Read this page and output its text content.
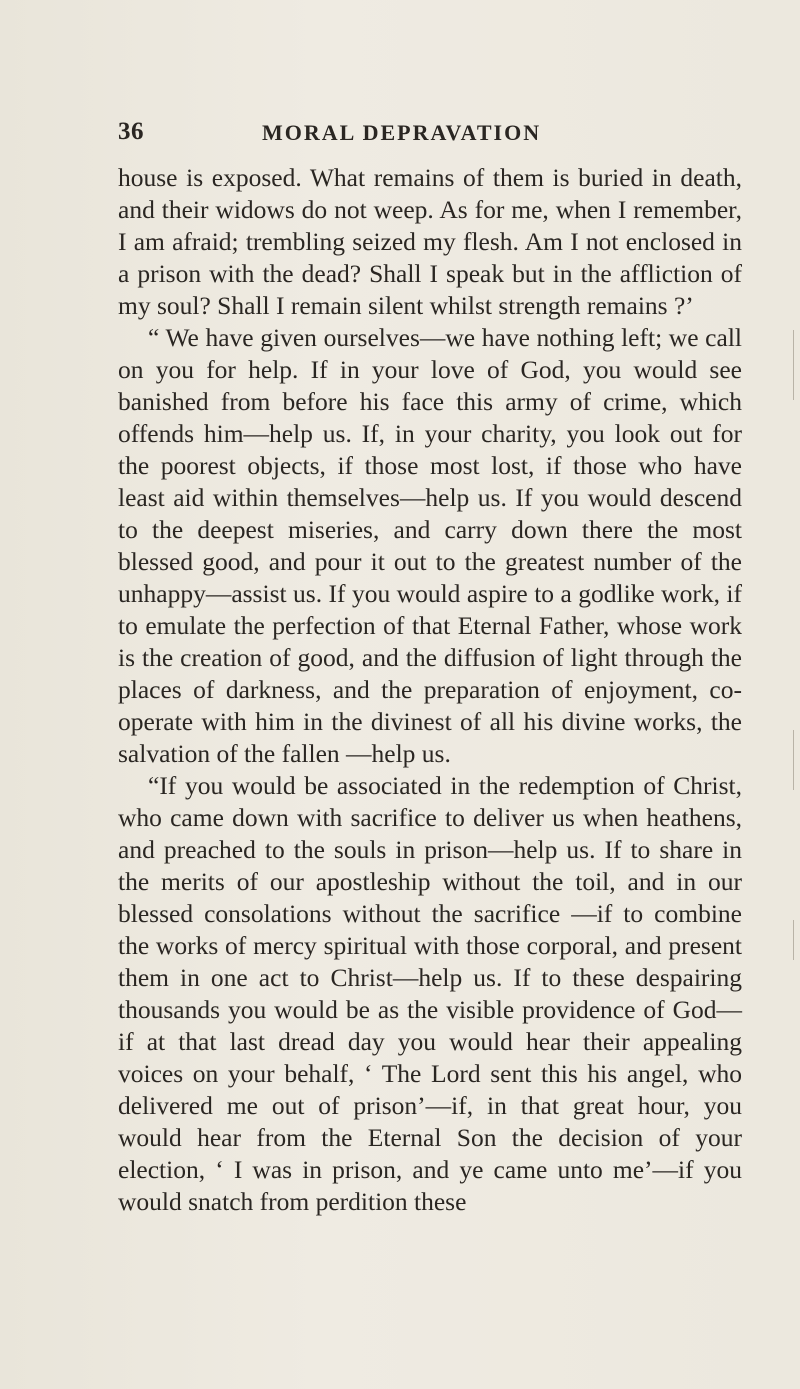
36	MORAL DEPRAVATION

house is exposed. What remains of them is buried in death, and their widows do not weep. As for me, when I remember, I am afraid; trembling seized my flesh. Am I not enclosed in a prison with the dead? Shall I speak but in the affliction of my soul? Shall I remain silent whilst strength remains ?’

“ We have given ourselves—we have nothing left; we call on you for help. If in your love of God, you would see banished from before his face this army of crime, which offends him—help us. If, in your charity, you look out for the poorest objects, if those most lost, if those who have least aid within themselves—help us. If you would descend to the deepest miseries, and carry down there the most blessed good, and pour it out to the greatest number of the unhappy—assist us. If you would aspire to a godlike work, if to emulate the perfection of that Eternal Father, whose work is the creation of good, and the diffusion of light through the places of darkness, and the preparation of enjoyment, co-operate with him in the divinest of all his divine works, the salvation of the fallen —help us.

“If you would be associated in the redemption of Christ, who came down with sacrifice to deliver us when heathens, and preached to the souls in prison—help us. If to share in the merits of our apostleship without the toil, and in our blessed consolations without the sacrifice —if to combine the works of mercy spiritual with those corporal, and present them in one act to Christ—help us. If to these despairing thousands you would be as the visible providence of God—if at that last dread day you would hear their appealing voices on your behalf, ‘ The Lord sent this his angel, who delivered me out of prison’—if, in that great hour, you would hear from the Eternal Son the decision of your election, ‘ I was in prison, and ye came unto me’—if you would snatch from perdition these
